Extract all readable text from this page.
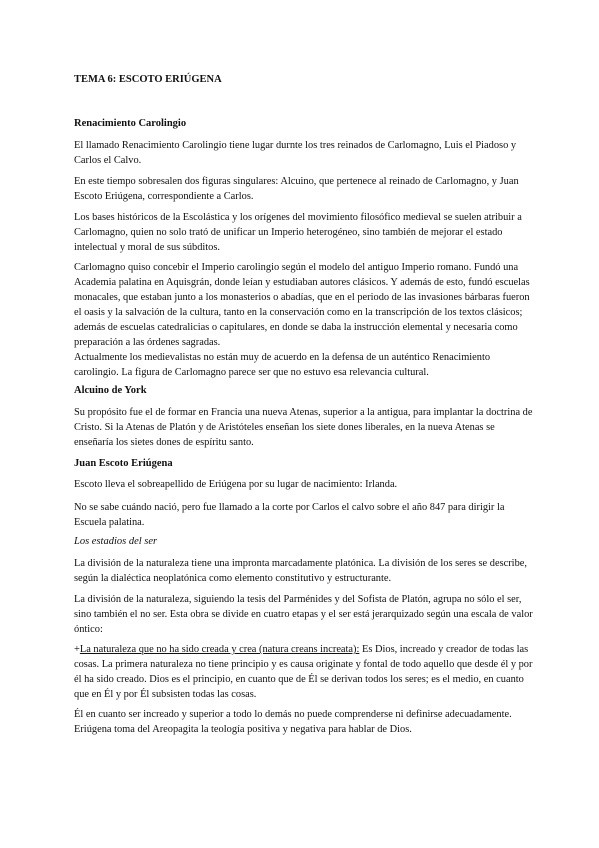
TEMA 6: ESCOTO ERIÚGENA
Renacimiento Carolingio

El llamado Renacimiento Carolingio tiene lugar durnte los tres reinados de Carlomagno, Luis el Piadoso y Carlos el Calvo.

En este tiempo sobresalen dos figuras singulares: Alcuino, que pertenece al reinado de Carlomagno, y Juan Escoto Eriúgena, correspondiente a Carlos.

Los bases históricos de la Escolástica y los orígenes del movimiento filosófico medieval se suelen atribuir a Carlomagno, quien no solo trató de unificar un Imperio heterogéneo, sino también de mejorar el estado intelectual y moral de sus súbditos.

Carlomagno quiso concebir el Imperio carolingio según el modelo del antiguo Imperio romano. Fundó una Academia palatina en Aquisgrán, donde leían y estudiaban autores clásicos. Y además de esto, fundó escuelas monacales, que estaban junto a los monasterios o abadías, que en el periodo de las invasiones bárbaras fueron el oasis y la salvación de la cultura, tanto en la conservación como en la transcripción de los textos clásicos; además de escuelas catedralicias o capitulares, en donde se daba la instrucción elemental y necesaria como preparación a las órdenes sagradas.

Actualmente los medievalistas no están muy de acuerdo en la defensa de un auténtico Renacimiento carolingio. La figura de Carlomagno parece ser que no estuvo esa relevancia cultural.

Alcuino de York

Su propósito fue el de formar en Francia una nueva Atenas, superior a la antigua, para implantar la doctrina de Cristo. Si la Atenas de Platón y de Aristóteles enseñan los siete dones liberales, en la nueva Atenas se enseñaría los sietes dones de espíritu santo.

Juan Escoto Eriúgena

Escoto lleva el sobreapellido de Eriúgena por su lugar de nacimiento: Irlanda.

No se sabe cuándo nació, pero fue llamado a la corte por Carlos el calvo sobre el año 847 para dirigir la Escuela palatina.

Los estadios del ser

La división de la naturaleza tiene una impronta marcadamente platónica. La división de los seres se describe, según la dialéctica neoplatónica como elemento constitutivo y estructurante.

La división de la naturaleza, siguiendo la tesis del Parménides y del Sofista de Platón, agrupa no sólo el ser, sino también el no ser. Esta obra se divide en cuatro etapas y el ser está jerarquizado según una escala de valor óntico:

+La naturaleza que no ha sido creada y crea (natura creans increata): Es Dios, increado y creador de todas las cosas. La primera naturaleza no tiene principio y es causa originate y fontal de todo aquello que desde él y por él ha sido creado. Dios es el principio, en cuanto que de Él se derivan todos los seres; es el medio, en cuanto que en Él y por Él subsisten todas las cosas.

Él en cuanto ser increado y superior a todo lo demás no puede comprenderse ni definirse adecuadamente. Eriúgena toma del Areopagita la teología positiva y negativa para hablar de Dios.
